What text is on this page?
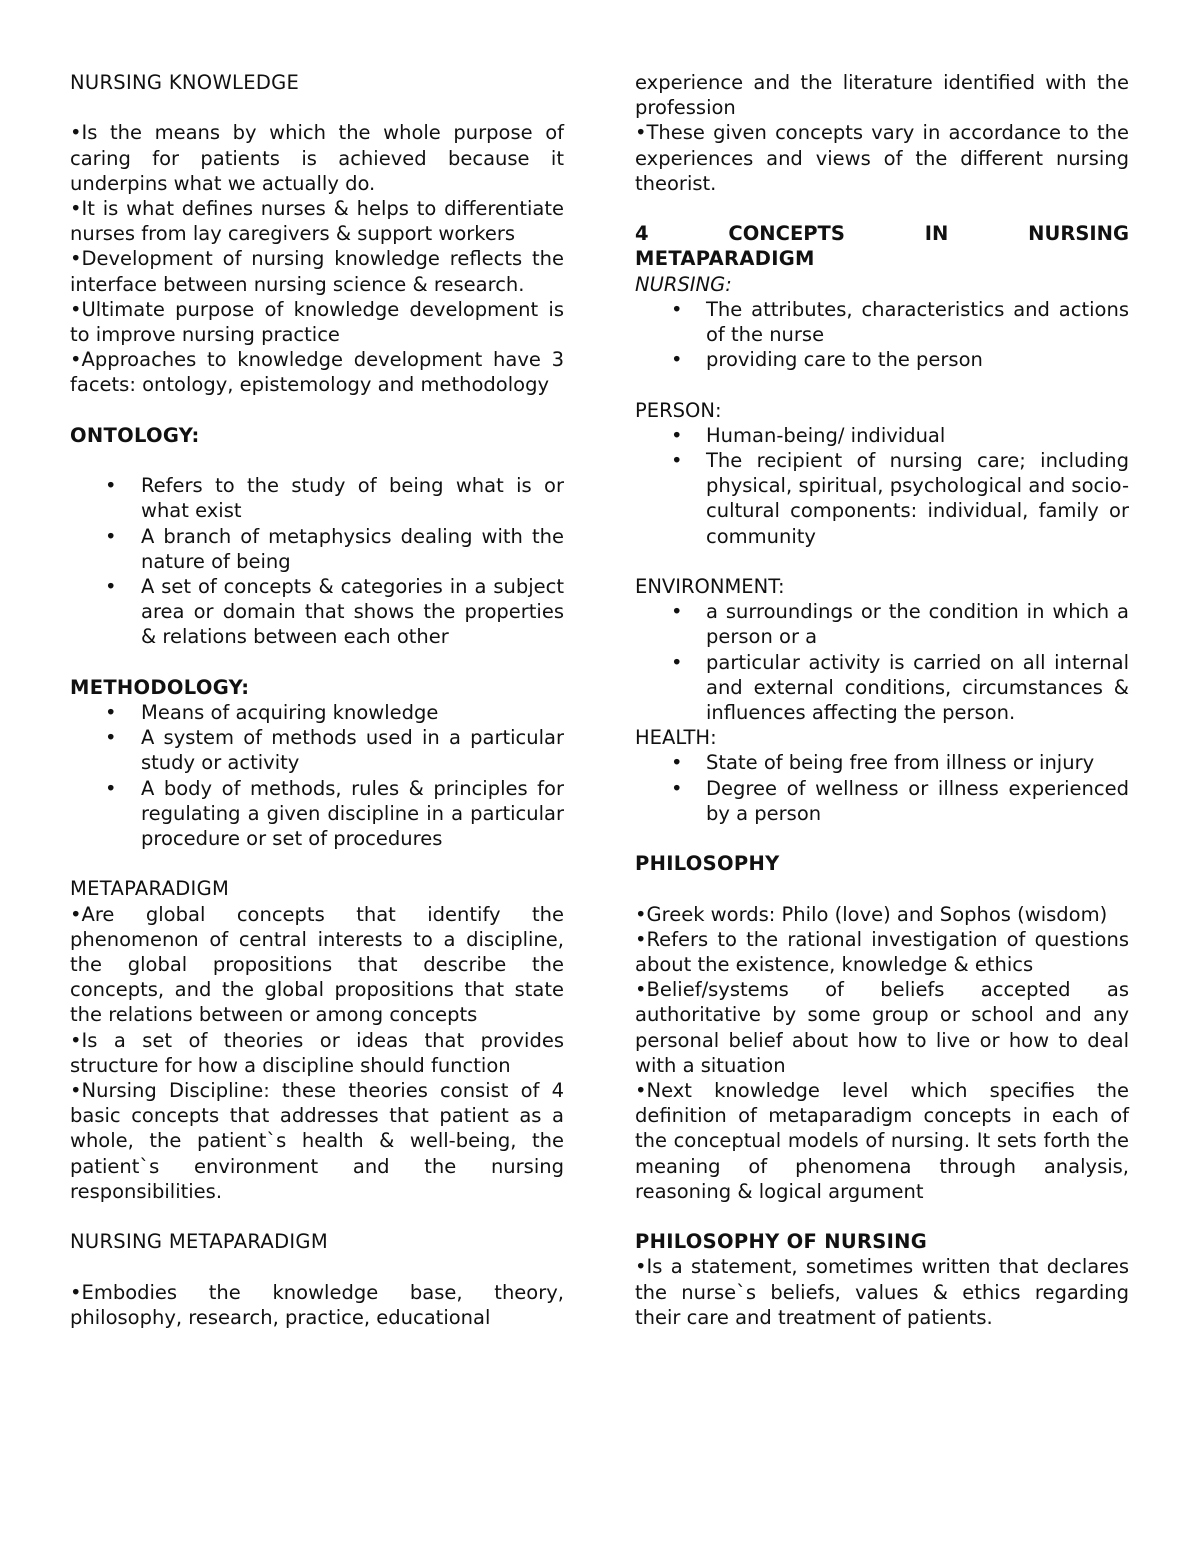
NURSING KNOWLEDGE

•Is the means by which the whole purpose of caring for patients is achieved because it underpins what we actually do.

•It is what defines nurses & helps to differentiate nurses from lay caregivers & support workers

•Development of nursing knowledge reflects the interface between nursing science & research.

•Ultimate purpose of knowledge development is to improve nursing practice

•Approaches to knowledge development have 3 facets: ontology, epistemology and methodology

ONTOLOGY:
• Refers to the study of being what is or what exist
• A branch of metaphysics dealing with the nature of being
• A set of concepts & categories in a subject area or domain that shows the properties & relations between each other
METHODOLOGY:
• Means of acquiring knowledge
• A system of methods used in a particular study or activity
• A body of methods, rules & principles for regulating a given discipline in a particular procedure or set of procedures
METAPARADIGM

•Are global concepts that identify the phenomenon of central interests to a discipline, the global propositions that describe the concepts, and the global propositions that state the relations between or among concepts

•Is a set of theories or ideas that provides structure for how a discipline should function

•Nursing Discipline: these theories consist of 4 basic concepts that addresses that patient as a whole, the patient`s health & well-being, the patient`s environment and the nursing responsibilities.

NURSING METAPARADIGM

•Embodies the knowledge base, theory, philosophy, research, practice, educational

experience and the literature identified with the profession

•These given concepts vary in accordance to the experiences and views of the different nursing theorist.

4	CONCEPTS	IN	NURSING
METAPARADIGM

NURSING:

• The attributes, characteristics and actions of the nurse
• providing care to the person

PERSON:

• Human-being/ individual
• The recipient of nursing care; including physical, spiritual, psychological and socio-cultural components: individual, family or community

ENVIRONMENT:

• a surroundings or the condition in which a person or a
• particular activity is carried on all internal and external conditions, circumstances & influences affecting the person.

HEALTH:

• State of being free from illness or injury
• Degree of wellness or illness experienced by a person
PHILOSOPHY

•Greek words: Philo (love) and Sophos (wisdom)

•Refers to the rational investigation of questions about the existence, knowledge & ethics

•Belief/systems of beliefs accepted as authoritative by some group or school and any personal belief about how to live or how to deal with a situation

•Next knowledge level which specifies the definition of metaparadigm concepts in each of the conceptual models of nursing. It sets forth the meaning of phenomena through analysis, reasoning & logical argument

PHILOSOPHY OF NURSING

•Is a statement, sometimes written that declares the nurse`s beliefs, values & ethics regarding their care and treatment of patients.
